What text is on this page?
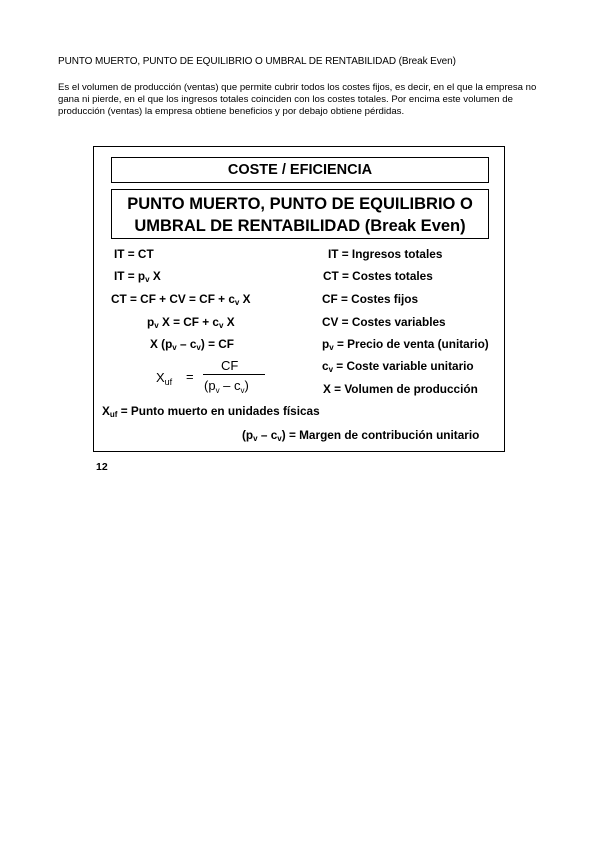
PUNTO MUERTO, PUNTO DE EQUILIBRIO O UMBRAL DE RENTABILIDAD (Break Even)

Es el volumen de producción (ventas) que permite cubrir todos los costes fijos, es decir, en el que la empresa no gana ni pierde, en el que los ingresos totales coinciden con los costes totales. Por encima este volumen de producción (ventas) la empresa obtiene beneficios y por debajo obtiene pérdidas.

COSTE / EFICIENCIA
PUNTO MUERTO, PUNTO DE EQUILIBRIO O
UMBRAL DE RENTABILIDAD (Break Even)
IT = CT
IT = $p_v$ X
CT = CF + CV = CF + $c_v$ X
$p_v$ X = CF + $c_v$ X
X $(p_v - c_v)$ = CF
$X_{uf}$ =
CF
$(p_v - c_v)$
IT = Ingresos totales
CT = Costes totales
CF = Costes fijos
CV = Costes variables
$p_v$ = Precio de venta (unitario)
$c_v$ = Coste variable unitario
X = Volumen de producción
$X_{uf}$ = Punto muerto en unidades físicas
$(p_v - c_v)$ = Margen de contribución unitario
12
